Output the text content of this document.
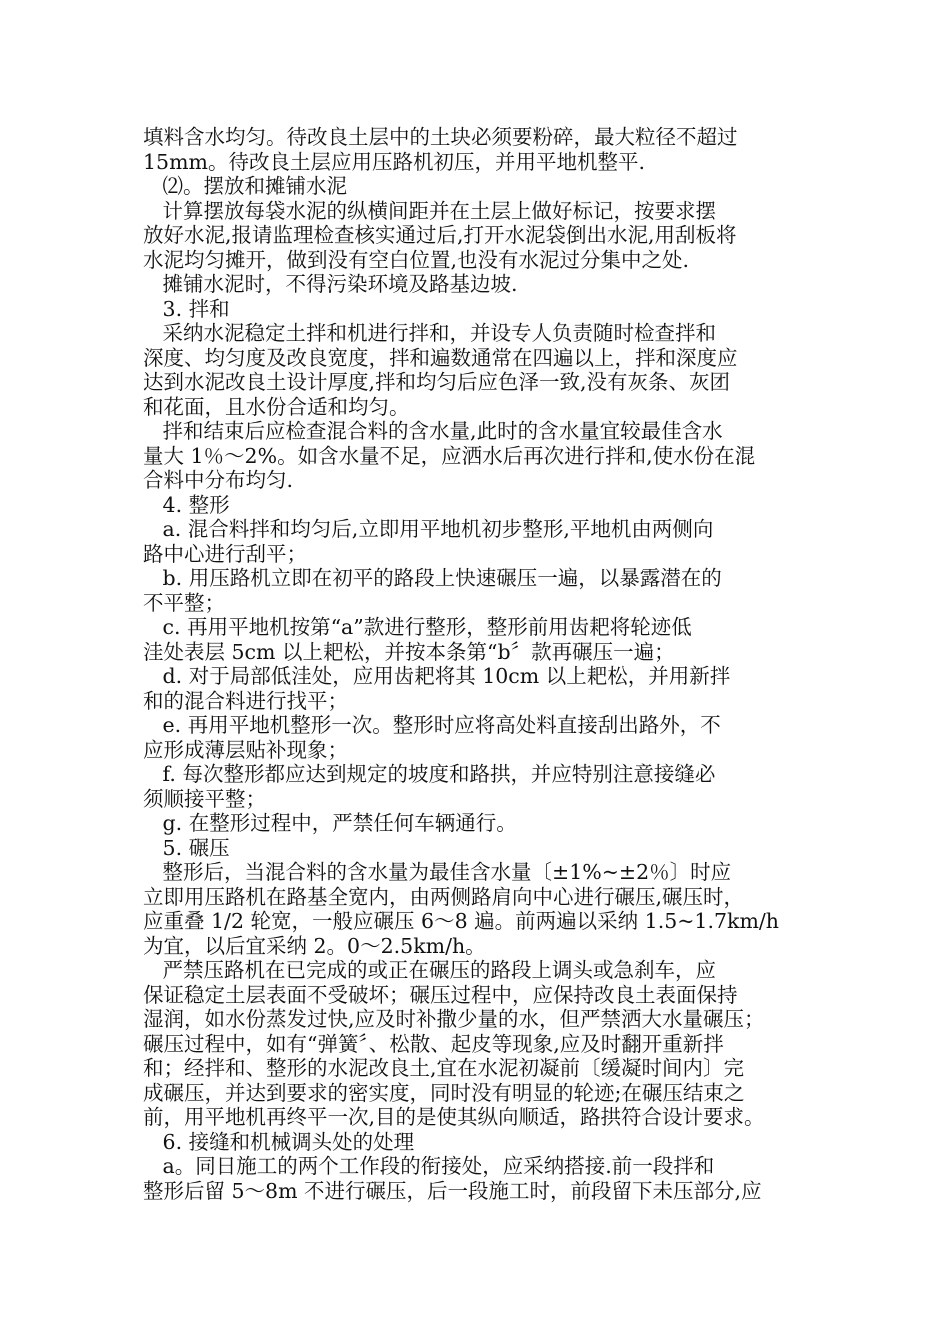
填料含水均匀。待改良土层中的土块必须要粉碎，最大粒径不超过
15mm。待改良土层应用压路机初压，并用平地机整平.
⑵。摆放和摊铺水泥
计算摆放每袋水泥的纵横间距并在土层上做好标记，按要求摆
放好水泥,报请监理检查核实通过后,打开水泥袋倒出水泥,用刮板将
水泥均匀摊开，做到没有空白位置,也没有水泥过分集中之处.
摊铺水泥时，不得污染环境及路基边坡.
3. 拌和
采纳水泥稳定土拌和机进行拌和，并设专人负责随时检查拌和
深度、均匀度及改良宽度，拌和遍数通常在四遍以上，拌和深度应
达到水泥改良土设计厚度,拌和均匀后应色泽一致,没有灰条、灰团
和花面，且水份合适和均匀。
拌和结束后应检查混合料的含水量,此时的含水量宜较最佳含水
量大 1％～2%。如含水量不足，应洒水后再次进行拌和,使水份在混
合料中分布均匀.
4. 整形
a. 混合料拌和均匀后,立即用平地机初步整形,平地机由两侧向
路中心进行刮平；
b. 用压路机立即在初平的路段上快速碾压一遍，以暴露潜在的
不平整；
c. 再用平地机按第“a”款进行整形，整形前用齿耙将轮迹低
洼处表层 5cm 以上耙松，并按本条第“b〞款再碾压一遍；
d. 对于局部低洼处，应用齿耙将其 10cm 以上耙松，并用新拌
和的混合料进行找平；
e. 再用平地机整形一次。整形时应将高处料直接刮出路外，不
应形成薄层贴补现象；
f. 每次整形都应达到规定的坡度和路拱，并应特别注意接缝必
须顺接平整；
g. 在整形过程中，严禁任何车辆通行。
5. 碾压
整形后，当混合料的含水量为最佳含水量〔±1%~±2％〕时应
立即用压路机在路基全宽内，由两侧路肩向中心进行碾压,碾压时，
应重叠 1/2 轮宽，一般应碾压 6～8 遍。前两遍以采纳 1.5~1.7km/h
为宜，以后宜采纳 2。0～2.5km/h。
严禁压路机在已完成的或正在碾压的路段上调头或急刹车，应
保证稳定土层表面不受破坏；碾压过程中，应保持改良土表面保持
湿润，如水份蒸发过快,应及时补撒少量的水，但严禁洒大水量碾压；
碾压过程中，如有“弹簧〞、松散、起皮等现象,应及时翻开重新拌
和；经拌和、整形的水泥改良土,宜在水泥初凝前〔缓凝时间内〕完
成碾压，并达到要求的密实度，同时没有明显的轮迹;在碾压结束之
前，用平地机再终平一次,目的是使其纵向顺适，路拱符合设计要求。
6. 接缝和机械调头处的处理
a。同日施工的两个工作段的衔接处，应采纳搭接.前一段拌和
整形后留 5～8m 不进行碾压，后一段施工时，前段留下未压部分,应
